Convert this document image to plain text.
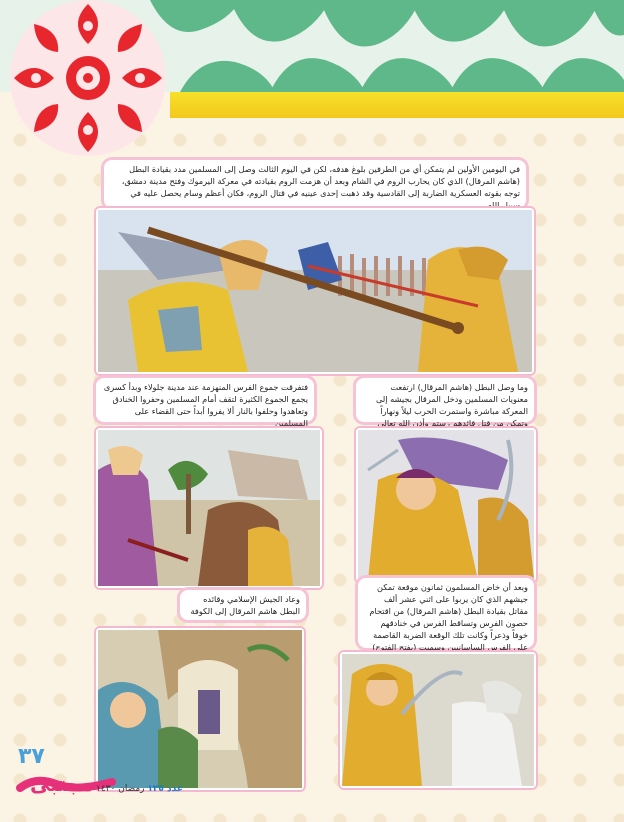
في اليومين الأولين لم يتمكن أي من الطرفين بلوغ هدفه، لكن في اليوم الثالث وصل إلى المسلمين مدد بقيادة البطل (هاشم المرقال) الذي كان يحارب الروم في الشام وبعد أن هزمت الروم بقيادته في معركة اليرموك وفتح مدينة دمشق، توجه بقوته العسكرية الضاربة إلى القادسية وقد ذهبت إحدى عينيه في قتال الروم، فكان أعظم وسام يحصل عليه في سبيل الله
وما وصل البطل (هاشم المرقال) ارتفعت معنويات المسلمين ودخل المرقال بجيشه إلى المعركة مباشرة واستمرت الحرب ليلاً ونهاراً وتمكن من قتل قائدهم رستم وأذن الله تعالى
فتفرقت جموع الفرس المنهزمة عند مدينة جلولاء وبدأ كسرى يجمع الجموع الكثيرة لتقف أمام المسلمين وحفروا الخنادق وتعاهدوا وحلفوا بالنار ألا يفروا أبداً حتى القضاء على المسلمين
وبعد أن خاض المسلمون ثمانون موقعة تمكن جيشهم الذي كان يربوا على اثني عشر ألف مقاتل بقيادة البطل (هاشم المرقال) من اقتحام حصون الفرس وتساقط الفرس في خنادقهم خوفاً وذعراً وكانت تلك الوقعة الضربة القاصمة على الفرس الساسانيين وسميت (بفتح الفتوح)
وعاد الجيش الإسلامي وقائده البطل هاشم المرقال إلى الكوفة
٣٧
عدد ١٢٥ رمضان ١٤٣٠
مجتبى
